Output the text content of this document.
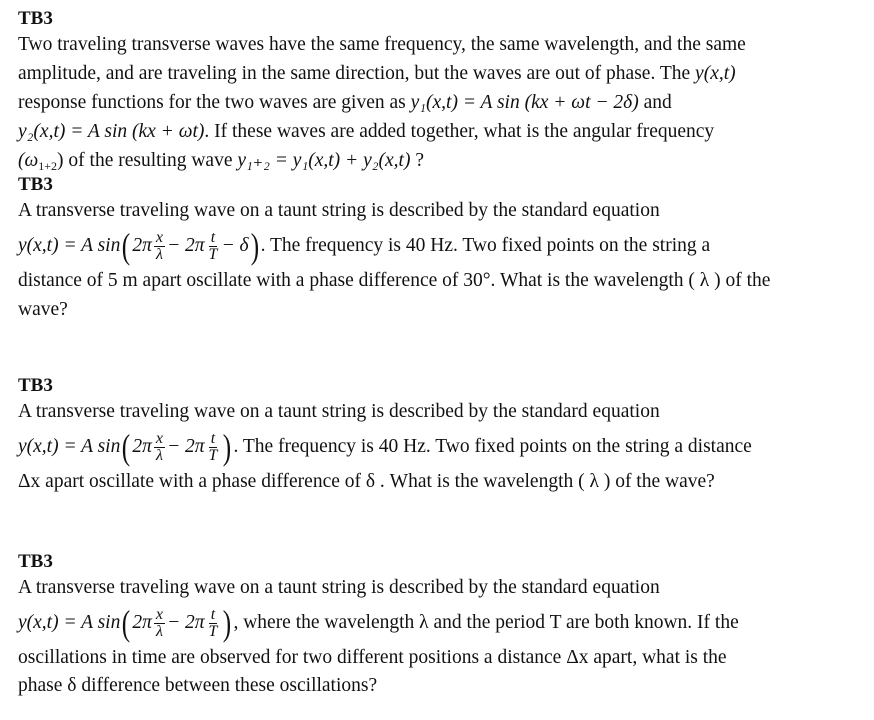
TB3
Two traveling transverse waves have the same frequency, the same wavelength, and the same
amplitude, and are traveling in the same direction, but the waves are out of phase. The y(x,t)
response functions for the two waves are given as y₁(x,t) = A sin (kx + ωt − 2δ) and
y₂(x,t) = A sin (kx + ωt). If these waves are added together, what is the angular frequency
$(\omega_{1+2})$ of the resulting wave y₁₊₂ = y₁(x,t) + y₂(x,t) ?
TB3
A transverse traveling wave on a taunt string is described by the standard equation
y(x,t) = A sin ( $2\pi \frac{x}{\lambda} - 2\pi \frac{t}{T} - \delta$ ) . The frequency is 40 Hz. Two fixed points on the string a
distance of 5 m apart oscillate with a phase difference of 30°. What is the wavelength ( λ ) of the
wave?
TB3
A transverse traveling wave on a taunt string is described by the standard equation
y(x,t) = A sin ( $2\pi \frac{x}{\lambda} - 2\pi \frac{t}{T}$ ) . The frequency is 40 Hz. Two fixed points on the string a distance
Δx apart oscillate with a phase difference of δ . What is the wavelength ( λ ) of the wave?
TB3
A transverse traveling wave on a taunt string is described by the standard equation
y(x,t) = A sin ( $2\pi \frac{x}{\lambda} - 2\pi \frac{t}{T}$ ) , where the wavelength λ and the period T are both known. If the
oscillations in time are observed for two different positions a distance Δx apart, what is the
phase δ difference between these oscillations?
